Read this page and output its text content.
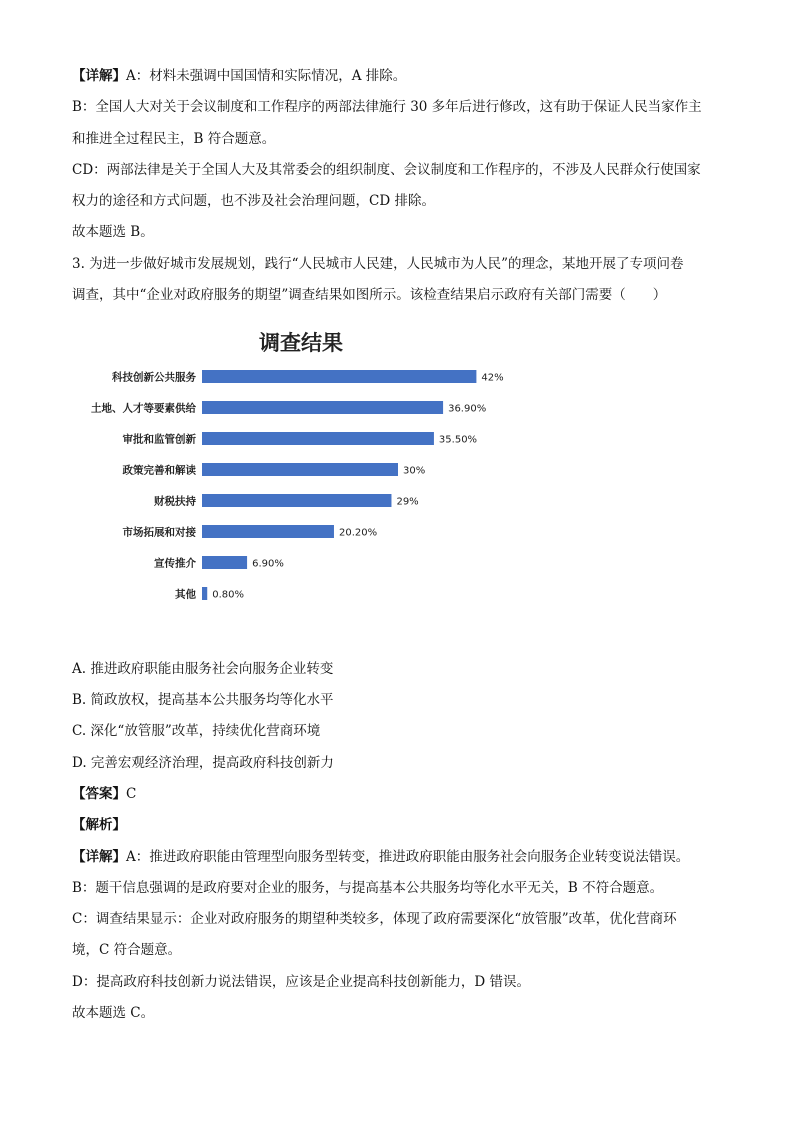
【详解】A：材料未强调中国国情和实际情况，A 排除。
B：全国人大对关于会议制度和工作程序的两部法律施行 30 多年后进行修改，这有助于保证人民当家作主
和推进全过程民主，B 符合题意。
CD：两部法律是关于全国人大及其常委会的组织制度、会议制度和工作程序的，不涉及人民群众行使国家
权力的途径和方式问题，也不涉及社会治理问题，CD 排除。
故本题选 B。
3. 为进一步做好城市发展规划，践行“人民城市人民建，人民城市为人民”的理念，某地开展了专项问卷
调查，其中“企业对政府服务的期望”调查结果如图所示。该检查结果启示政府有关部门需要（　　）
调查结果
科技创新公共服务	42%
土地、人才等要素供给	36.90%
审批和监管创新	35.50%
政策完善和解读	30%
财税扶持	29%
市场拓展和对接	20.20%
宣传推介	6.90%
其他 0.80%
A. 推进政府职能由服务社会向服务企业转变
B. 简政放权，提高基本公共服务均等化水平
C. 深化“放管服”改革，持续优化营商环境
D. 完善宏观经济治理，提高政府科技创新力
【答案】C
【解析】
【详解】A：推进政府职能由管理型向服务型转变，推进政府职能由服务社会向服务企业转变说法错误。
B：题干信息强调的是政府要对企业的服务，与提高基本公共服务均等化水平无关，B 不符合题意。
C：调查结果显示：企业对政府服务的期望种类较多，体现了政府需要深化“放管服”改革，优化营商环
境，C 符合题意。
D：提高政府科技创新力说法错误，应该是企业提高科技创新能力，D 错误。
故本题选 C。
